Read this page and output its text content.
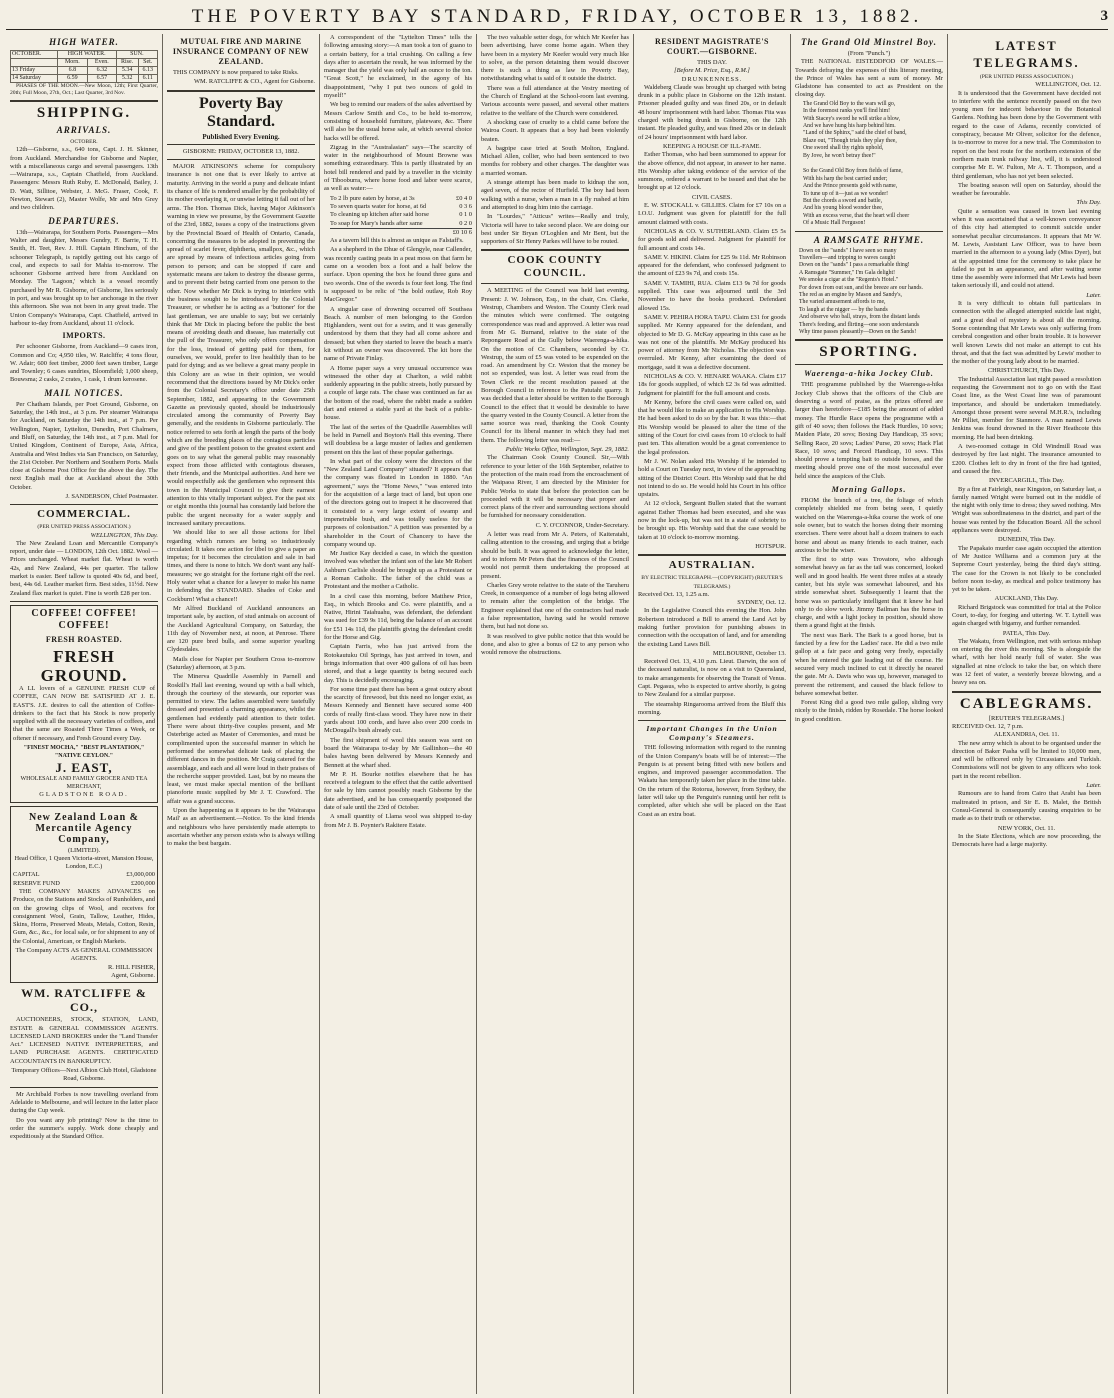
THE POVERTY BAY STANDARD, FRIDAY, OCTOBER 13, 1882.	3
HIGH WATER.
OCTOBER.	HIGH WATER.		SUN.	
	Morn.	Even.	Rise.	Set.
13 Friday	6.8	6.32	5.34	6.13
14 Saturday	6.59	6.57	5.32	6.11

PHASES OF THE MOON.—New Moon, 12th; First Quarter, 20th; Full Moon, 27th, Oct.; Last Quarter, 3rd Nov.

SHIPPING.
ARRIVALS.
OCTOBER.

12th—Gisborne, s.s., 640 tons, Capt. J. H. Skinner, from Auckland. Merchandise for Gisborne and Napier, with a miscellaneous cargo and several passengers. 13th—Wairarapa, s.s., Captain Chatfield, from Auckland. Passengers: Messrs Ruth Ruby, E. McDonald, Bailey, J. D. Watt, Sillitoe, Webster, J. McG. Fraser, Cook, F. Newton, Stewart (2), Master Wolfe, Mr and Mrs Grey and two children.

DEPARTURES.

13th—Wairarapa, for Southern Ports. Passengers—Mrs Walter and daughter, Messrs Gundry, F. Barrie, T. H. Smith, H. Teet, Rev. J. Hill. Captain Hinchum, of the schooner Telegraph, is rapidly getting out his cargo of coal, and expects to sail for Mahia to-morrow. The schooner Gisborne arrived here from Auckland on Monday. The 'Lagoon,' which is a vessel recently purchased by Mr R. Gisborne, of Gisborne, lies seriously in port, and was brought up to her anchorage in the river this afternoon. She was not been in any great trade. The Union Company's Wairarapa, Capt. Chatfield, arrived in harbour to-day from Auckland, about 11 o'clock.

IMPORTS.

Per schooner Gisborne, from Auckland—9 cases iron, Common and Co; 4,950 tiles, W. Ratcliffe; 4 tons flour, W. Adair; 600 feet timber, 2000 feet sawn timber, Large and Townley; 6 cases sundries, Bloomfield; 1,000 sheep, Bouwsma; 2 casks, 2 crates, 1 cask, 1 drum kerosene.

MAIL NOTICES.

Per Chatham Islands, per Poet Ground, Gisborne, on Saturday, the 14th inst., at 3 p.m. Per steamer Wairarapa for Auckland, on Saturday the 14th inst., at 7 p.m. Per Wellington, Napier, Lyttelton, Dunedin, Port Chalmers, and Bluff, on Saturday, the 14th inst., at 7 p.m. Mail for United Kingdom, Continent of Europe, Asia, Africa, Australia and West Indies via San Francisco, on Saturday, the 21st October. Per Northern and Southern Ports. Mails close at Gisborne Post Office for the above the day. The next English mail due at Auckland about the 30th October.

J. SANDERSON, Chief Postmaster.

COMMERCIAL.
(PER UNITED PRESS ASSOCIATION.)
WELLINGTON, This Day.

The New Zealand Loan and Mercantile Company's report, under date — LONDON, 12th Oct. 1882. Wool — Prices unchanged. Wheat market flat. Wheat is worth 42s, and New Zealand, 44s per quarter. The tallow market is easier. Beef tallow is quoted 40s 6d, and beef, best, 44s 6d. Leather market firm. Best sides, 11½d. New Zealand flax market is quiet. Fine is worth £28 per ton.

COFFEE! COFFEE! COFFEE!
FRESH ROASTED.
FRESH GROUND.

A LL lovers of a GENUINE FRESH CUP of COFFEE, CAN NOW BE SATISFIED AT J. E. EAST'S. J.E. desires to call the attention of Coffee-drinkers to the fact that his Stock is now properly supplied with all the necessary varieties of coffees, and that the same are Roasted Three Times a Week, or oftener if necessary, and Fresh Ground every Day.

"FINEST MOCHA," "BEST PLANTATION," "NATIVE CEYLON."
J. EAST,
WHOLESALE AND FAMILY GROCER AND TEA MERCHANT,
GLADSTONE ROAD.
New Zealand Loan & Mercantile Agency Company,
(LIMITED).
Head Office, 1 Queen Victoria-street, Mansion House, London, E.C.)
CAPITAL	£3,000,000
RESERVE FUND	£200,000

THE COMPANY MAKES ADVANCES on Produce, on the Stations and Stocks of Runholders, and on the growing clips of Wool, and receives for consignment Wool, Grain, Tallow, Leather, Hides, Skins, Horns, Preserved Meats, Metals, Cotton, Resin, Gum, &c., &c., for local sale, or for shipment to any of the Colonial, American, or English Markets.

The Company ACTS AS GENERAL COMMISSION AGENTS.
R. HILL FISHER,
Agent, Gisborne.
WM. RATCLIFFE & CO.,

AUCTIONEERS, STOCK, STATION, LAND, ESTATE & GENERAL COMMISSION AGENTS. LICENSED LAND BROKERS under the "Land Transfer Act." LICENSED NATIVE INTERPRETERS, and LAND PURCHASE AGENTS. CERTIFICATED ACCOUNTANTS IN BANKRUPTCY.

Temporary Offices—Next Albion Club Hotel, Gladstone Road, Gisborne.

Mr Archibald Forbes is now travelling overland from Adelaide to Melbourne, and will lecture in the latter place during the Cup week.

Do you want any job printing? Now is the time to order the summer's supply. Work done cheaply and expeditiously at the Standard Office.

MUTUAL FIRE AND MARINE INSURANCE COMPANY OF NEW ZEALAND.

THIS COMPANY is now prepared to take Risks.

WM. RATCLIFFE & CO., Agent for Gisborne.

Poverty Bay Standard.
Published Every Evening.
GISBORNE: FRIDAY, OCTOBER 13, 1882.

MAJOR ATKINSON'S scheme for compulsory insurance is not one that is ever likely to arrive at maturity. Arriving in the world a puny and delicate infant its chance of life is rendered smaller by the probability of its mother overlaying it, or unwise letting it fall out of her arms. The Hon. Thomas Dick, having Major Atkinson's warning in view we presume, by the Government Gazette of the 23rd, 1882, issues a copy of the instructions given by the Provincial Board of Health of Ontario, Canada, concerning the measures to be adopted in preventing the spread of scarlet fever, diphtheria, smallpox, &c., which are spread by means of infectious articles going from person to person; and can be stopped if care and systematic means are taken to destroy the disease germs, and to prevent their being carried from one person to the other. Now whether Mr Dick is trying to interfere with the business sought to be introduced by the Colonial Treasurer, or whether he is acting as a 'buttoner' for the last gentleman, we are unable to say; but we certainly think that Mr Dick in placing before the public the best means of avoiding death and disease, has materially cut the pull of the Treasurer, who only offers compensation for the loss, instead of getting paid for them, for ourselves, we would, prefer to live healthily than to be paid for dying; and as we believe a great many people in this Colony are as wise in their opinion, we would recommend that the directions issued by Mr Dick's order from the Colonial Secretary's office under date 25th September, 1882, and appearing in the Government Gazette as previously quoted, should be industriously circulated among the community of Poverty Bay generally, and the residents in Gisborne particularly. The notice referred to sets forth at length the parts of the body which are the breeding places of the contagious particles and give of the pestilent poison to the greatest extent and goes on to say what the general public may reasonably expect from those afflicted with contagious diseases, their friends, and the Municipal authorities. And here we would respectfully ask the gentlemen who represent this town in the Municipal Council to give their earnest attention to this vitally important subject. For the past six or eight months this journal has constantly laid before the public the urgent necessity for a water supply and increased sanitary precautions.

We should like to see all those actions for libel regarding which rumors are being so industriously circulated. It takes one action for libel to give a paper an impetus; for it becomes the circulation and sale in bad times, and there is none to hitch. We don't want any half-measures; we go straight for the fortune right off the reel. Holy water what a chance for a lawyer to make his name in defending the STANDARD. Shades of Coke and Cockburn! What a chance!!

Mr Alfred Buckland of Auckland announces an important sale, by auction, of stud animals on account of the Auckland Agricultural Company, on Saturday, the 11th day of November next, at noon, at Penrose. There are 120 pure bred bulls, and some superior yearling Clydesdales.

Mails close for Napier per Southern Cross to-morrow (Saturday) afternoon, at 3 p.m.

The Minerva Quadrille Assembly in Parnell and Roskill's Hall last evening, wound up with a ball which, through the courtesy of the stewards, our reporter was permitted to view. The ladies assembled were tastefully dressed and presented a charming appearance, whilst the gentlemen had evidently paid attention to their toilet. There were about thirty-five couples present, and Mr Osterbrige acted as Master of Ceremonies, and must be complimented upon the successful manner in which he performed the somewhat delicate task of placing the different dances in the position. Mr Craig catered for the assemblage, and each and all were loud in their praises of the recherche supper provided. Last, but by no means the least, we must make special mention of the brilliant pianoforte music supplied by Mr J. T. Crawford. The affair was a grand success.

Upon the happening as it appears to be the 'Wairarapa Mail' as an advertisement.—Notice. To the kind friends and neighbours who have persistently made attempts to ascertain whether any person exists who is always willing to make the best bargain.

A correspondent of the "Lyttelton Times" tells the following amusing story:—A man took a ton of guano to a certain battery, for a trial crushing. On calling a few days after to ascertain the result, he was informed by the manager that the yield was only half an ounce to the ton. "Great Scott," he exclaimed, in the agony of his disappointment, "why I put two ounces of gold in myself!"

We beg to remind our readers of the sales advertised by Messrs Carlow Smith and Co., to be held to-morrow, consisting of household furniture, plateware, &c. There will also be the usual horse sale, at which several choice hacks will be offered.

Zigzag in the "Australasian" says—The scarcity of water in the neighbourhood of Mount Browne was something extraordinary. This is partly illustrated by an hotel bill rendered and paid by a traveller in the vicinity of Tibooburra, where horse food and labor were scarce, as well as water:—

To 2 lb pure eaten by horse, at 3s	£0 4 0
To seven quarts water for horse, at 6d	0 3 6
To cleaning up kitchen after said horse	0 1 0
To soap for Mary's hands after same	0 2 0
£0 10 6

As a tavern bill this is almost as unique as Falstaff's.

As a shepherd in the Dhue of Glengyle, near Callender, was recently casting peats in a peat moss on that farm he came on a wooden box a foot and a half below the surface. Upon opening the box he found three guns and two swords. One of the swords is four feet long. The find is supposed to be relic of "the bold outlaw, Rob Roy MacGregor."

A singular case of drowning occurred off Southsea Beach. A number of men belonging to the Gordon Highlanders, went out for a swim, and it was generally understood by them that they had all come ashore and dressed; but when they started to leave the beach a man's kit without an owner was discovered. The kit bore the name of Private Finlay.

A Home paper says a very unusual occurrence was witnessed the other day at Charlton, a wild rabbit suddenly appearing in the public streets, hotly pursued by a couple of large rats. The chase was continued as far as the bottom of the road, where the rabbit made a sudden dart and entered a stable yard at the back of a public-house.

The last of the series of the Quadrille Assemblies will be held in Parnell and Boyton's Hall this evening. There will doubtless be a large muster of ladies and gentlemen present on this the last of these popular gatherings.

In what part of the colony were the directors of the "New Zealand Land Company" situated? It appears that the company was floated in London in 1880. "An agreement," says the "Home News," "was entered into for the acquisition of a large tract of land, but upon one of the directors going out to inspect it he discovered that it consisted to a very large extent of swamp and impenetrable bush, and was totally useless for the purposes of colonisation." A petition was presented by a shareholder in the Court of Chancery to have the company wound up.

Mr Justice Kay decided a case, in which the question involved was whether the infant son of the late Mr Robert Ashburn Carlisle should be brought up as a Protestant or a Roman Catholic. The father of the child was a Protestant and the mother a Catholic.

In a civil case this morning, before Matthew Price, Esq., in which Brooks and Co. were plaintiffs, and a Native, Hirini Taiahuahu, was defendant, the defendant was sued for £39 9s 11d, being the balance of an account for £51 14s 11d, the plaintiffs giving the defendant credit for the Horse and Gig.

Captain Farris, who has just arrived from the Rotokautuku Oil Springs, has just arrived in town, and brings information that over 400 gallons of oil has been stored, and that a large quantity is being secured each day. This is decidedly encouraging.

For some time past there has been a great outcry about the scarcity of firewood, but this need no longer exist, as Messrs Kennedy and Bennett have secured some 400 cords of really first-class wood. They have now in their yards about 100 cords, and have also over 200 cords in McDougall's bush already cut.

The first shipment of wool this season was sent on board the Wairarapa to-day by Mr Gallinhon—the 40 bales having been delivered by Messrs Kennedy and Bennett at the wharf shed.

Mr P. H. Bourke notifies elsewhere that he has received a telegram to the effect that the cattle advertised for sale by him cannot possibly reach Gisborne by the date advertised, and he has consequently postponed the date of sale until the 23rd of October.

A small quantity of Llama wool was shipped to-day from Mr J. B. Poynter's Rakitere Estate.

The two valuable setter dogs, for which Mr Keefer has been advertising, have come home again. When they have been in a mystery Mr Keefer would very much like to solve, as the person detaining them would discover there is such a thing as law in Poverty Bay, notwithstanding what is said of it outside the district.

There was a full attendance at the Vestry meeting of the Church of England at the School-room last evening. Various accounts were passed, and several other matters relative to the welfare of the Church were considered.

A shocking case of cruelty to a child came before the Wairoa Court. It appears that a boy had been violently beaten.

A bagpipe case tried at South Molton, England. Michael Allen, collier, who had been sentenced to two months for robbery and other charges. The daughter was a married woman.

A strange attempt has been made to kidnap the son, aged seven, of the rector of Hurfield. The boy had been walking with a nurse, when a man in a fly rushed at him and attempted to drag him into the carriage.

In "Lourdes," "Atticus" writes—Really and truly, Victoria will have to take second place. We are doing our best under Sir Bryan O'Loghlen and Mr Bent, but the supporters of Sir Henry Parkes will have to be routed.

COOK COUNTY COUNCIL.

A MEETING of the Council was held last evening. Present: J. W. Johnson, Esq., in the chair, Crs. Clarke, Westrup, Chambers and Weston. The County Clerk read the minutes which were confirmed. The outgoing correspondence was read and approved. A letter was read from Mr G. Burnand, relative to the state of the Repongaere Road at the Gully below Waerenga-a-hika. On the motion of Cr. Chambers, seconded by Cr. Westrup, the sum of £5 was voted to be expended on the road. An amendment by Cr. Weston that the money be not so expended, was lost. A letter was read from the Town Clerk re the recent resolution passed at the Borough Council in reference to the Patutahi quarry. It was decided that a letter should be written to the Borough Council to the effect that it would be desirable to have the quarry vested in the County Council. A letter from the same source was read, thanking the Cook County Council for its liberal manner in which they had met them. The following letter was read:—

Public Works Office, Wellington, Sept. 29, 1882.

The Chairman Cook County Council. Sir,—With reference to your letter of the 16th September, relative to the protection of the main road from the encroachment of the Waipaoa River, I am directed by the Minister for Public Works to state that before the protection can be proceeded with it will be necessary that proper and correct plans of the river and surrounding sections should be furnished for necessary consideration.

C. Y. O'CONNOR, Under-Secretary.

A letter was read from Mr A. Peters, of Kaiteratahi, calling attention to the crossing, and urging that a bridge should be built. It was agreed to acknowledge the letter, and to inform Mr Peters that the finances of the Council would not permit them undertaking the proposed at present.

Charles Grey wrote relative to the state of the Taruheru Creek, in consequence of a number of logs being allowed to remain after the completion of the bridge. The Engineer explained that one of the contractors had made a false representation, having said he would remove them, but had not done so.

It was resolved to give public notice that this would be done, and also to give a bonus of £2 to any person who would remove the obstructions.

RESIDENT MAGISTRATE'S COURT.—GISBORNE.
THIS DAY.
[Before M. Price, Esq., R.M.]
DRUNKENNESS.

Waldeberg Claude was brought up charged with being drunk in a public place in Gisborne on the 12th instant. Prisoner pleaded guilty and was fined 20s, or in default 48 hours' imprisonment with hard labor. Thomas Fita was charged with being drunk in Gisborne, on the 12th instant. He pleaded guilty, and was fined 20s or in default of 24 hours' imprisonment with hard labor.

KEEPING A HOUSE OF ILL-FAME.

Esther Thomas, who had been summoned to appear for the above offence, did not appear, in answer to her name. His Worship after taking evidence of the service of the summons, ordered a warrant to be issued and that she be brought up at 12 o'clock.

CIVIL CASES.

E. W. STOCKALL v. GILLIES. Claim for £7 10s on a I.O.U. Judgment was given for plaintiff for the full amount claimed with costs.

NICHOLAS & CO. V. SUTHERLAND. Claim £5 5s for goods sold and delivered. Judgment for plaintiff for full amount and costs 14s.

SAME V. HIKINI. Claim for £25 9s 11d. Mr Robinson appeared for the defendant, who confessed judgment to the amount of £23 9s 7d, and costs 15s.

SAME V. TAMIHI, RUA. Claim £13 9s 7d for goods supplied. This case was adjourned until the 3rd November to have the books produced. Defendant allowed 15s.

SAME V. PEHIRA HORA TAPU. Claim £31 for goods supplied. Mr Kenny appeared for the defendant, and objected to Mr D. G. McKay appearing in this case as he was not one of the plaintiffs. Mr McKay produced his power of attorney from Mr Nicholas. The objection was overruled. Mr Kenny, after examining the deed of mortgage, said it was a defective document.

NICHOLAS & CO. V. HENARE WAAKA. Claim £17 18s for goods supplied, of which £2 3s 6d was admitted. Judgment for plaintiff for the full amount and costs.

Mr Kenny, before the civil cases were called on, said that he would like to make an application to His Worship. He had been asked to do so by the bar. It was this:—that His Worship would be pleased to alter the time of the sitting of the Court for civil cases from 10 o'clock to half past ten. This alteration would be a great convenience to the legal profession.

Mr J. W. Nolan asked His Worship if he intended to hold a Court on Tuesday next, in view of the approaching sitting of the District Court. His Worship said that he did not intend to do so. He would hold his Court in his office upstairs.

At 12 o'clock, Sergeant Bullen stated that the warrant against Esther Thomas had been executed, and she was now in the lock-up, but was not in a state of sobriety to be brought up. His Worship said that the case would be taken at 10 o'clock to-morrow morning.

HOTSPUR.

AUSTRALIAN.
BY ELECTRIC TELEGRAPH.—(COPYRIGHT) (REUTER'S TELEGRAMS.)
Received Oct. 13, 1.25 a.m.
SYDNEY, Oct. 12.

In the Legislative Council this evening the Hon. John Robertson introduced a Bill to amend the Land Act by making further provision for punishing abuses in connection with the occupation of land, and for amending the existing Land Laws Bill.

MELBOURNE, October 13.

Received Oct. 13, 4.10 p.m. Lieut. Darwin, the son of the deceased naturalist, is now on a visit to Queensland, to make arrangements for observing the Transit of Venus. Capt. Pegasus, who is expected to arrive shortly, is going to New Zealand for a similar purpose.

The steamship Ringarooma arrived from the Bluff this morning.

Important Changes in the Union Company's Steamers.

THE following information with regard to the running of the Union Company's boats will be of interest:—The Penguin is at present being fitted with new boilers and engines, and improved passenger accommodation. The Wakatu has temporarily taken her place in the time table. On the return of the Rotorua, however, from Sydney, the latter will take up the Penguin's running until her refit is completed, after which she will be placed on the East Coast as an extra boat.

The Grand Old Minstrel Boy.
(From "Punch.")

THE NATIONAL EISTEDDFOD OF WALES.—Towards defraying the expenses of this literary meeting, the Prince of Wales has sent a sum of money. Mr Gladstone has consented to act as President on the closing day.

The Grand Old Boy to the wars will go,
In the foremost ranks you'll find him!
With Stacey's sword he will strike a blow,
And we have hung his harp behind him.
"Land of the Sphinx," said the chief of band,
Blaze out, "Though trials they play thee,
One sword shall thy rights uphold,
By Jove, he won't betray thee!"
So the Grand Old Boy from fields of fame,
With his harp the best carried under;
And the Prince presents gold with name,
To tune up of it—just as we wonder!
But the chords a sword and battle,
And his young blood wonder thee,
With an excess verse, that the heart will cheer
Of a Music Hall Ferguson!
A RAMSGATE RHYME.
Down on the "sands" I have seen so many
Travellers—and tripping to waves caught
Down on the "sands" I pass a remarkable thing!
A Ramsgate "Summer," I'm Gala delight!
We smoke a cigar at the "Regents's Hotel."
For down from out sun, and the breeze are our hands.
The red as an engine by Mason and Sandy's,
The varied amusement affords to me,
To laugh at the nigger — by the bands
And observe who ball, strays, from the distant lands
There's feeding, and flirting—one soon understands
Why time passes pleasantly—Down on the Sands!
SPORTING.
Waerenga-a-hika Jockey Club.

THE programme published by the Waerenga-a-hika Jockey Club shows that the officers of the Club are deserving a word of praise, as the prizes offered are larger than heretofore—£185 being the amount of added money. The Hurdle Race opens the programme with a gift of 40 sovs; then follows the Hack Hurdles, 10 sovs; Maiden Plate, 20 sovs; Boxing Day Handicap, 35 sovs; Selling Race, 20 sovs; Ladies' Purse, 20 sovs; Hack Flat Race, 10 sovs; and Forced Handicap, 10 sovs. This should prove a tempting bait to outside horses, and the meeting should prove one of the most successful ever held since the auspices of the Club.

Morning Gallops.

FROM the branch of a tree, the foliage of which completely shielded me from being seen, I quietly watched on the Waerenga-a-hika course the work of one sole owner, but to watch the horses doing their morning exercises. There were about half a dozen trainers to each horse and about as many friends to each trainer, each anxious to be the wiser.

The first to strip was Trovatore, who although somewhat heavy as far as the tail was concerned, looked well and in good health. He went three miles at a steady canter, but his style was somewhat laboured, and his stride somewhat short. Subsequently I learnt that the horse was so particularly intelligent that it knew he had only to do slow work. Jimmy Bailman has the horse in charge, and with a light jockey in position, should show them a grand fight at the finish.

The next was Bark. The Bark is a good horse, but is fancied by a few for the Ladies' race. He did a two mile gallop at a fair pace and going very freely, especially when he entered the gate leading out of the course. He secured very much inclined to cut it directly he neared the gate. Mr A. Davis who was up, however, managed to prevent the retirement, and caused the black fellow to behave somewhat better.

Forest King did a good two mile gallop, sliding very nicely to the finish, ridden by Rosedale. The horse looked in good condition.

LATEST TELEGRAMS.
(PER UNITED PRESS ASSOCIATION.)
WELLINGTON, Oct. 12.

It is understood that the Government have decided not to interfere with the sentence recently passed on the two young men for indecent behaviour in the Botanical Gardens. Nothing has been done by the Government with regard to the case of Adams, recently convicted of conspiracy, because Mr Oliver, solicitor for the defence, is to-morrow to move for a new trial. The Commission to report on the best route for the northern extension of the northern main trunk railway line, will, it is understood comprise Mr E. W. Fulton, Mr A. T. Thompson, and a third gentleman, who has not yet been selected.

The boating season will open on Saturday, should the weather be favourable.

This Day.

Quite a sensation was caused in town last evening when it was ascertained that a well-known conveyancer of this city had attempted to commit suicide under somewhat peculiar circumstances. It appears that Mr W. M. Lewis, Assistant Law Officer, was to have been married in the afternoon to a young lady (Miss Dyer), but at the appointed time for the ceremony to take place he failed to put in an appearance, and after waiting some time the assembly were informed that Mr Lewis had been taken seriously ill, and could not attend.

Later.

It is very difficult to obtain full particulars in connection with the alleged attempted suicide last night, and a great deal of mystery is about all the morning. Some contending that Mr Lewis was only suffering from cerebral congestion and other brain trouble. It is however well known Lewis did not make an attempt to cut his throat, and that the fact was admitted by Lewis' mother to the mother of the young lady about to be married.

CHRISTCHURCH, This Day.

The Industrial Association last night passed a resolution requesting the Government not to go on with the East Coast line, as the West Coast line was of paramount importance, and should be undertaken immediately. Amongst those present were several M.H.R.'s, including Mr Pilliet, member for Stanmore. A man named Lewis Jenkins was found drowned in the River Heathcote this morning. He had been drinking.

A two-roomed cottage in Old Windmill Road was destroyed by fire last night. The insurance amounted to £200. Clothes left to dry in front of the fire had ignited, and caused the fire.

INVERCARGILL, This Day.

By a fire at Fairleigh, near Kingston, on Saturday last, a family named Wright were burned out in the middle of the night with only time to dress; they saved nothing. Mrs Wright was subordinateness in the district, and part of the house was rented by the Education Board. All the school appliances were destroyed.

DUNEDIN, This Day.

The Papakaio murder case again occupied the attention of Mr Justice Williams and a common jury at the Supreme Court yesterday, being the third day's sitting. The case for the Crown is not likely to be concluded before noon to-day, as medical and police testimony has yet to be taken.

AUCKLAND, This Day.

Richard Brigstock was committed for trial at the Police Court, to-day, for forging and uttering. W. T. Lyttell was again charged with bigamy, and further remanded.

PATEA, This Day.

The Wakatu, from Wellington, met with serious mishap on entering the river this morning. She is alongside the wharf, with her hold nearly full of water. She was signalled at nine o'clock to take the bar, on which there was 12 feet of water, a westerly breeze blowing, and a heavy sea on.

CABLEGRAMS.
[REUTER'S TELEGRAMS.]
RECEIVED Oct. 12, 7 p.m.
ALEXANDRIA, Oct. 11.

The new army which is about to be organised under the direction of Baker Pasha will be limited to 10,000 men, and will be officered only by Circassians and Turkish. Commissions will not be given to any officers who took part in the recent rebellion.

Later.

Rumours are to hand from Cairo that Arabi has been maltreated in prison, and Sir E. B. Malet, the British Consul-General is consequently causing enquiries to be made as to their truth or otherwise.

NEW YORK, Oct. 11.

In the State Elections, which are now proceeding, the Democrats have had a large majority.
